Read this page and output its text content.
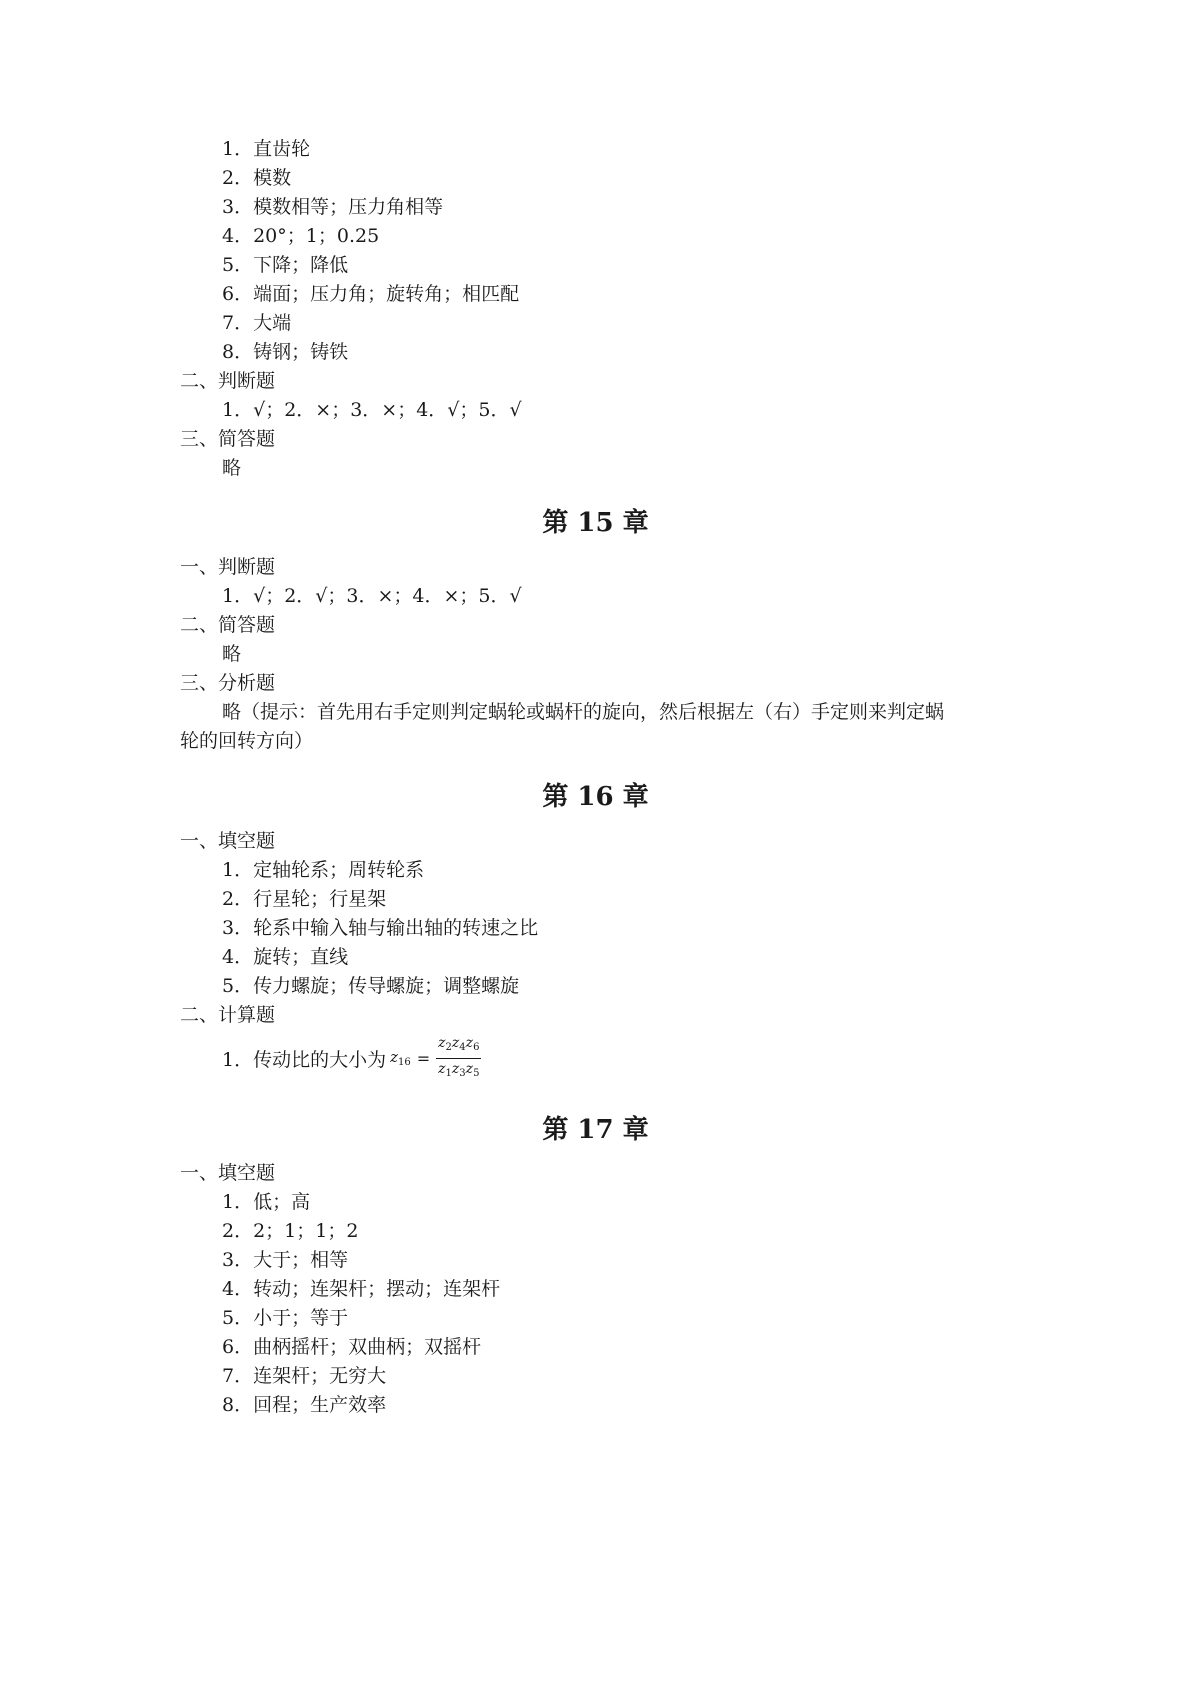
1．直齿轮
2．模数
3．模数相等；压力角相等
4．20°；1；0.25
5．下降；降低
6．端面；压力角；旋转角；相匹配
7．大端
8．铸钢；铸铁
二、判断题
1．√；2．×；3．×；4．√；5．√
三、简答题
略
第 15 章
一、判断题
1．√；2．√；3．×；4．×；5．√
二、简答题
略
三、分析题
略（提示：首先用右手定则判定蜗轮或蜗杆的旋向，然后根据左（右）手定则来判定蜗
轮的回转方向）
第 16 章
一、填空题
1．定轴轮系；周转轮系
2．行星轮；行星架
3．轮系中输入轴与输出轴的转速之比
4．旋转；直线
5．传力螺旋；传导螺旋；调整螺旋
二、计算题
1．传动比的大小为 $z_{16} = \frac{z_2z_4z_6}{z_1z_3z_5}$
第 17 章
一、填空题
1．低；高
2．2；1；1；2
3．大于；相等
4．转动；连架杆；摆动；连架杆
5．小于；等于
6．曲柄摇杆；双曲柄；双摇杆
7．连架杆；无穷大
8．回程；生产效率
